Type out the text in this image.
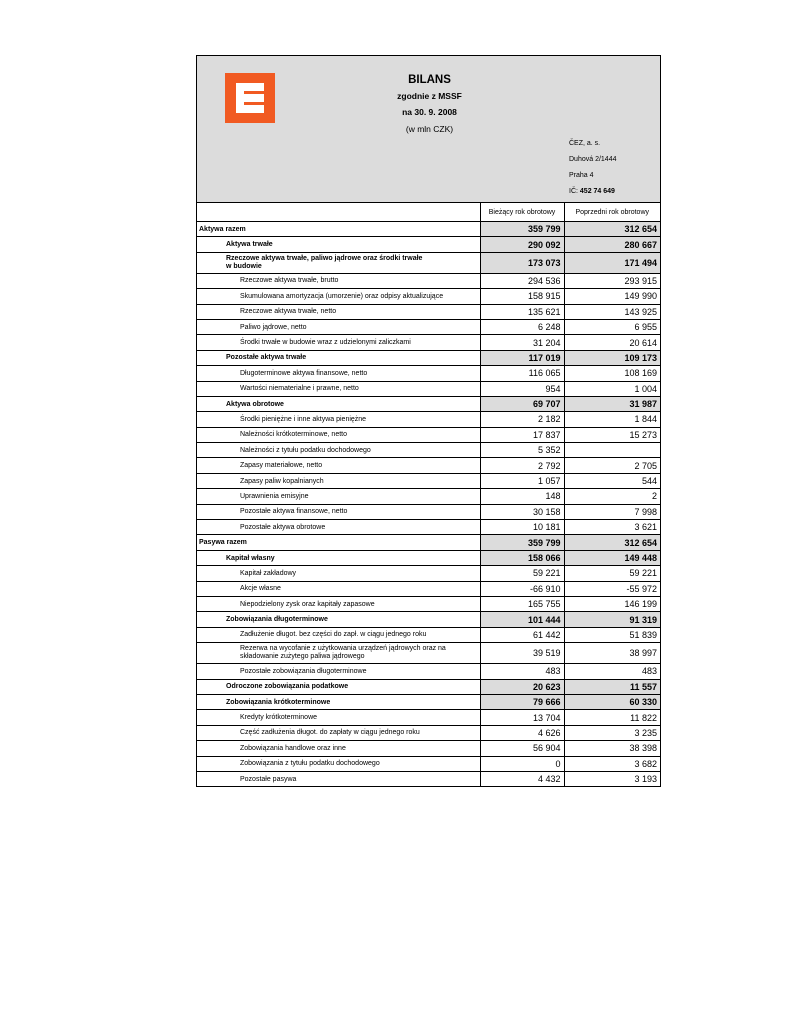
BILANS
zgodnie z MSSF
na 30. 9. 2008
(w mln CZK)
ČEZ, a. s.
Duhová 2/1444
Praha 4
IČ: 452 74 649
	Bieżący rok obrotowy	Poprzedni rok obrotowy
Aktywa razem	359 799	312 654
Aktywa trwałe	290 092	280 667
Rzeczowe aktywa trwałe, paliwo jądrowe oraz środki trwałe
w budowie	173 073	171 494
Rzeczowe aktywa trwałe, brutto	294 536	293 915
Skumulowana amortyzacja (umorzenie) oraz odpisy aktualizujące	158 915	149 990
Rzeczowe aktywa trwałe, netto	135 621	143 925
Paliwo jądrowe, netto	6 248	6 955
Środki trwałe w budowie wraz z udzielonymi zaliczkami	31 204	20 614
Pozostałe aktywa trwałe	117 019	109 173
Długoterminowe aktywa finansowe, netto	116 065	108 169
Wartości niematerialne i prawne, netto	954	1 004
Aktywa obrotowe	69 707	31 987
Środki pieniężne i inne aktywa pieniężne	2 182	1 844
Należności krótkoterminowe, netto	17 837	15 273
Należności z tytułu podatku dochodowego	5 352	
Zapasy materiałowe, netto	2 792	2 705
Zapasy paliw kopalnianych	1 057	544
Uprawnienia emisyjne	148	2
Pozostałe aktywa finansowe, netto	30 158	7 998
Pozostałe aktywa obrotowe	10 181	3 621
Pasywa razem	359 799	312 654
Kapitał własny	158 066	149 448
Kapitał zakładowy	59 221	59 221
Akcje własne	-66 910	-55 972
Niepodzielony zysk oraz kapitały zapasowe	165 755	146 199
Zobowiązania długoterminowe	101 444	91 319
Zadłużenie długot. bez części do zapł. w ciągu jednego roku	61 442	51 839
Rezerwa na wycofanie z użytkowania urządzeń jądrowych oraz na
składowanie zużytego paliwa jądrowego	39 519	38 997
Pozostałe zobowiązania długoterminowe	483	483
Odroczone zobowiązania podatkowe	20 623	11 557
Zobowiązania krótkoterminowe	79 666	60 330
Kredyty krótkoterminowe	13 704	11 822
Część zadłużenia długot. do zapłaty w ciągu jednego roku	4 626	3 235
Zobowiązania handlowe oraz inne	56 904	38 398
Zobowiązania z tytułu podatku dochodowego	0	3 682
Pozostałe pasywa	4 432	3 193
